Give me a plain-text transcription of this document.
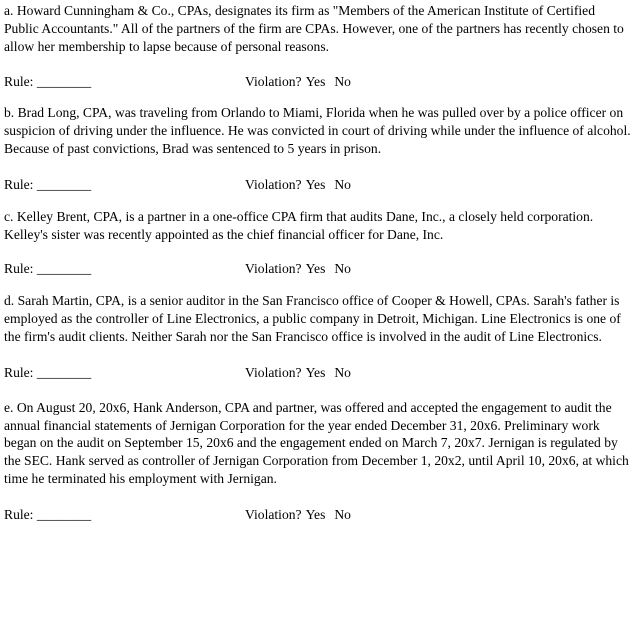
a. Howard Cunningham & Co., CPAs, designates its firm as "Members of the American Institute of Certified Public Accountants." All of the partners of the firm are CPAs. However, one of the partners has recently chosen to allow her membership to lapse because of personal reasons.

Rule: ________

	Violation? Yes No

b. Brad Long, CPA, was traveling from Orlando to Miami, Florida when he was pulled over by a police officer on suspicion of driving under the influence. He was convicted in court of driving while under the influence of alcohol. Because of past convictions, Brad was sentenced to 5 years in prison.

Rule: ________

	Violation? Yes No

c. Kelley Brent, CPA, is a partner in a one-office CPA firm that audits Dane, Inc., a closely held corporation. Kelley's sister was recently appointed as the chief financial officer for Dane, Inc.

Rule: ________

	Violation? Yes No

d. Sarah Martin, CPA, is a senior auditor in the San Francisco office of Cooper & Howell, CPAs. Sarah's father is employed as the controller of Line Electronics, a public company in Detroit, Michigan. Line Electronics is one of the firm's audit clients. Neither Sarah nor the San Francisco office is involved in the audit of Line Electronics.

Rule: ________

	Violation? Yes No

e. On August 20, 20x6, Hank Anderson, CPA and partner, was offered and accepted the engagement to audit the annual financial statements of Jernigan Corporation for the year ended December 31, 20x6. Preliminary work began on the audit on September 15, 20x6 and the engagement ended on March 7, 20x7. Jernigan is regulated by the SEC. Hank served as controller of Jernigan Corporation from December 1, 20x2, until April 10, 20x6, at which time he terminated his employment with Jernigan.

Rule: ________

	Violation? Yes No
